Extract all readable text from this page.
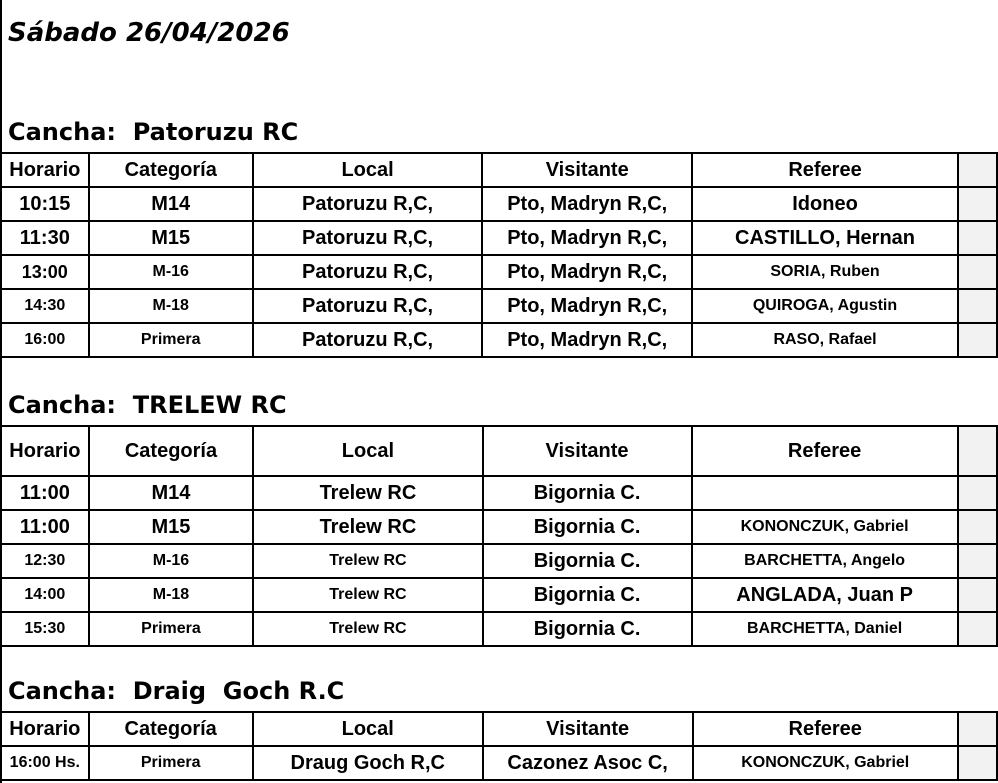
Sábado 26/04/2026
Cancha:  Patoruzu RC
Horario	Categoría	Local	Visitante	Referee	
10:15	M14	Patoruzu R,C,	Pto, Madryn R,C,	Idoneo	
11:30	M15	Patoruzu R,C,	Pto, Madryn R,C,	CASTILLO, Hernan	
13:00	M-16	Patoruzu R,C,	Pto, Madryn R,C,	SORIA, Ruben	
14:30	M-18	Patoruzu R,C,	Pto, Madryn R,C,	QUIROGA, Agustin	
16:00	Primera	Patoruzu R,C,	Pto, Madryn R,C,	RASO, Rafael	
Cancha:  TRELEW RC
Horario	Categoría	Local	Visitante	Referee	
11:00	M14	Trelew RC	Bigornia C.		
11:00	M15	Trelew RC	Bigornia C.	KONONCZUK, Gabriel	
12:30	M-16	Trelew RC	Bigornia C.	BARCHETTA, Angelo	
14:00	M-18	Trelew RC	Bigornia C.	ANGLADA, Juan P	
15:30	Primera	Trelew RC	Bigornia C.	BARCHETTA, Daniel	
Cancha:  Draig  Goch R.C
Horario	Categoría	Local	Visitante	Referee	
16:00 Hs.	Primera	Draug Goch R,C	Cazonez Asoc C,	KONONCZUK, Gabriel	
